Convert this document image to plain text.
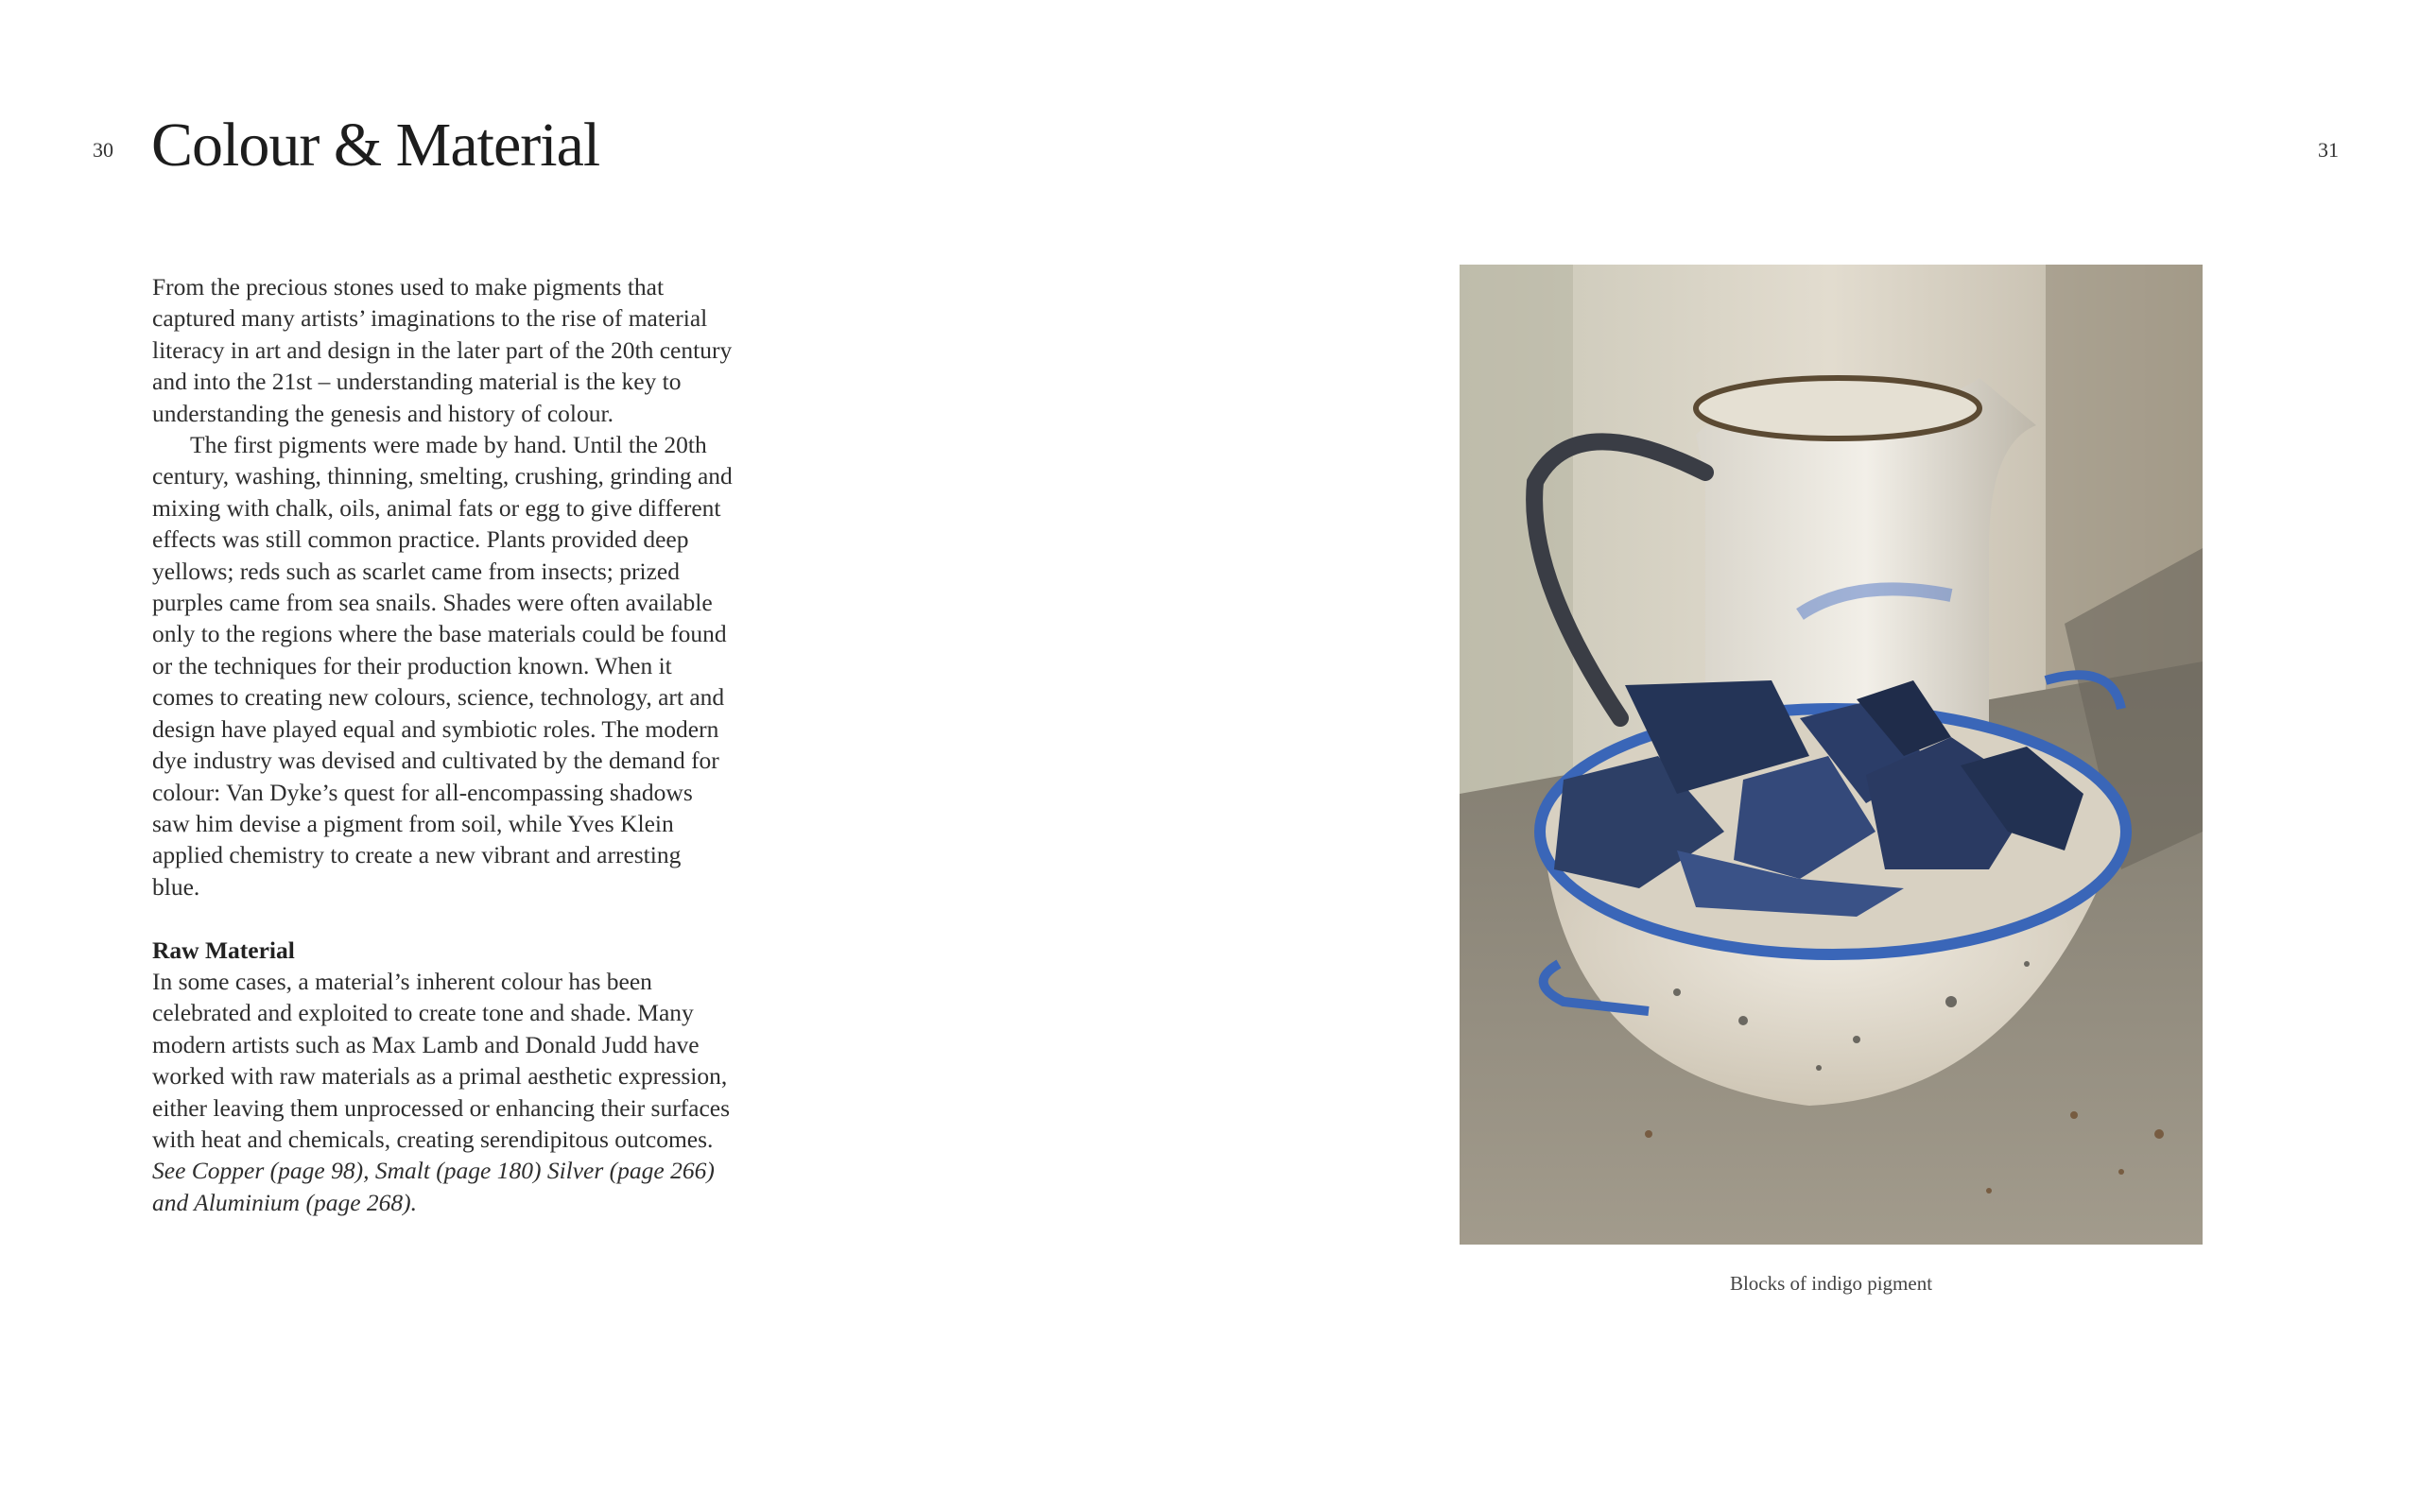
30	31
Colour & Material

From the precious stones used to make pigments that captured many artists’ imaginations to the rise of material literacy in art and design in the later part of the 20th century and into the 21st – understanding material is the key to understanding the genesis and history of colour.

The first pigments were made by hand. Until the 20th century, washing, thinning, smelting, crushing, grinding and mixing with chalk, oils, animal fats or egg to give different effects was still common practice. Plants provided deep yellows; reds such as scarlet came from insects; prized purples came from sea snails. Shades were often available only to the regions where the base materials could be found or the techniques for their production known. When it comes to creating new colours, science, technology, art and design have played equal and symbiotic roles. The modern dye industry was devised and cultivated by the demand for colour: Van Dyke’s quest for all-encompassing shadows saw him devise a pigment from soil, while Yves Klein applied chemistry to create a new vibrant and arresting blue.

Raw Material

In some cases, a material’s inherent colour has been celebrated and exploited to create tone and shade. Many modern artists such as Max Lamb and Donald Judd have worked with raw materials as a primal aesthetic expression, either leaving them unprocessed or enhancing their surfaces with heat and chemicals, creating serendipitous outcomes. See Copper (page 98), Smalt (page 180) Silver (page 266) and Aluminium (page 268).

Blocks of indigo pigment
